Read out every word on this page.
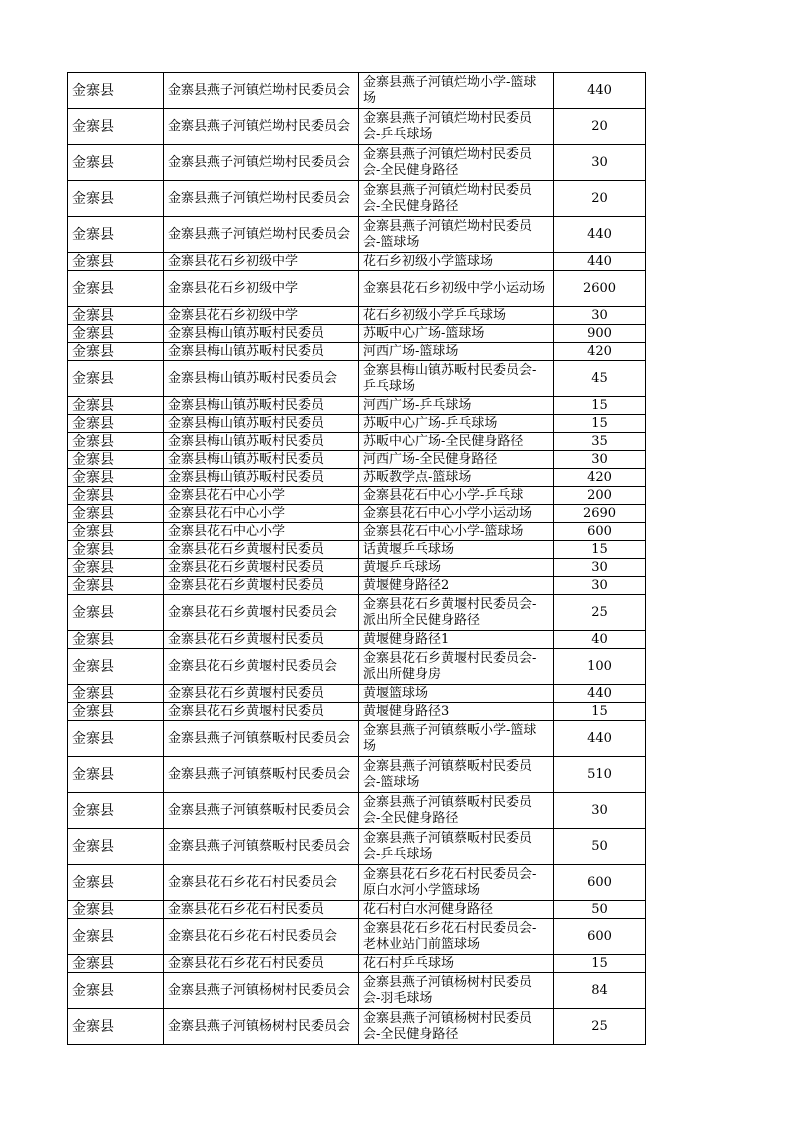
金寨县	金寨县燕子河镇烂坳村民委员会	金寨县燕子河镇烂坳小学-篮球场	440
金寨县	金寨县燕子河镇烂坳村民委员会	金寨县燕子河镇烂坳村民委员会-乒乓球场	20
金寨县	金寨县燕子河镇烂坳村民委员会	金寨县燕子河镇烂坳村民委员会-全民健身路径	30
金寨县	金寨县燕子河镇烂坳村民委员会	金寨县燕子河镇烂坳村民委员会-全民健身路径	20
金寨县	金寨县燕子河镇烂坳村民委员会	金寨县燕子河镇烂坳村民委员会-篮球场	440
金寨县	金寨县花石乡初级中学	花石乡初级小学篮球场	440
金寨县	金寨县花石乡初级中学	金寨县花石乡初级中学小运动场	2600
金寨县	金寨县花石乡初级中学	花石乡初级小学乒乓球场	30
金寨县	金寨县梅山镇苏畈村民委员	苏畈中心广场-篮球场	900
金寨县	金寨县梅山镇苏畈村民委员	河西广场-篮球场	420
金寨县	金寨县梅山镇苏畈村民委员会	金寨县梅山镇苏畈村民委员会-乒乓球场	45
金寨县	金寨县梅山镇苏畈村民委员	河西广场-乒乓球场	15
金寨县	金寨县梅山镇苏畈村民委员	苏畈中心广场-乒乓球场	15
金寨县	金寨县梅山镇苏畈村民委员	苏畈中心广场-全民健身路径	35
金寨县	金寨县梅山镇苏畈村民委员	河西广场-全民健身路径	30
金寨县	金寨县梅山镇苏畈村民委员	苏畈教学点-篮球场	420
金寨县	金寨县花石中心小学	金寨县花石中心小学-乒乓球	200
金寨县	金寨县花石中心小学	金寨县花石中心小学小运动场	2690
金寨县	金寨县花石中心小学	金寨县花石中心小学-篮球场	600
金寨县	金寨县花石乡黄堰村民委员	话黄堰乒乓球场	15
金寨县	金寨县花石乡黄堰村民委员	黄堰乒乓球场	30
金寨县	金寨县花石乡黄堰村民委员	黄堰健身路径2	30
金寨县	金寨县花石乡黄堰村民委员会	金寨县花石乡黄堰村民委员会-派出所全民健身路径	25
金寨县	金寨县花石乡黄堰村民委员	黄堰健身路径1	40
金寨县	金寨县花石乡黄堰村民委员会	金寨县花石乡黄堰村民委员会-派出所健身房	100
金寨县	金寨县花石乡黄堰村民委员	黄堰篮球场	440
金寨县	金寨县花石乡黄堰村民委员	黄堰健身路径3	15
金寨县	金寨县燕子河镇蔡畈村民委员会	金寨县燕子河镇蔡畈小学-篮球场	440
金寨县	金寨县燕子河镇蔡畈村民委员会	金寨县燕子河镇蔡畈村民委员会-篮球场	510
金寨县	金寨县燕子河镇蔡畈村民委员会	金寨县燕子河镇蔡畈村民委员会-全民健身路径	30
金寨县	金寨县燕子河镇蔡畈村民委员会	金寨县燕子河镇蔡畈村民委员会-乒乓球场	50
金寨县	金寨县花石乡花石村民委员会	金寨县花石乡花石村民委员会-原白水河小学篮球场	600
金寨县	金寨县花石乡花石村民委员	花石村白水河健身路径	50
金寨县	金寨县花石乡花石村民委员会	金寨县花石乡花石村民委员会-老林业站门前篮球场	600
金寨县	金寨县花石乡花石村民委员	花石村乒乓球场	15
金寨县	金寨县燕子河镇杨树村民委员会	金寨县燕子河镇杨树村民委员会-羽毛球场	84
金寨县	金寨县燕子河镇杨树村民委员会	金寨县燕子河镇杨树村民委员会-全民健身路径	25
